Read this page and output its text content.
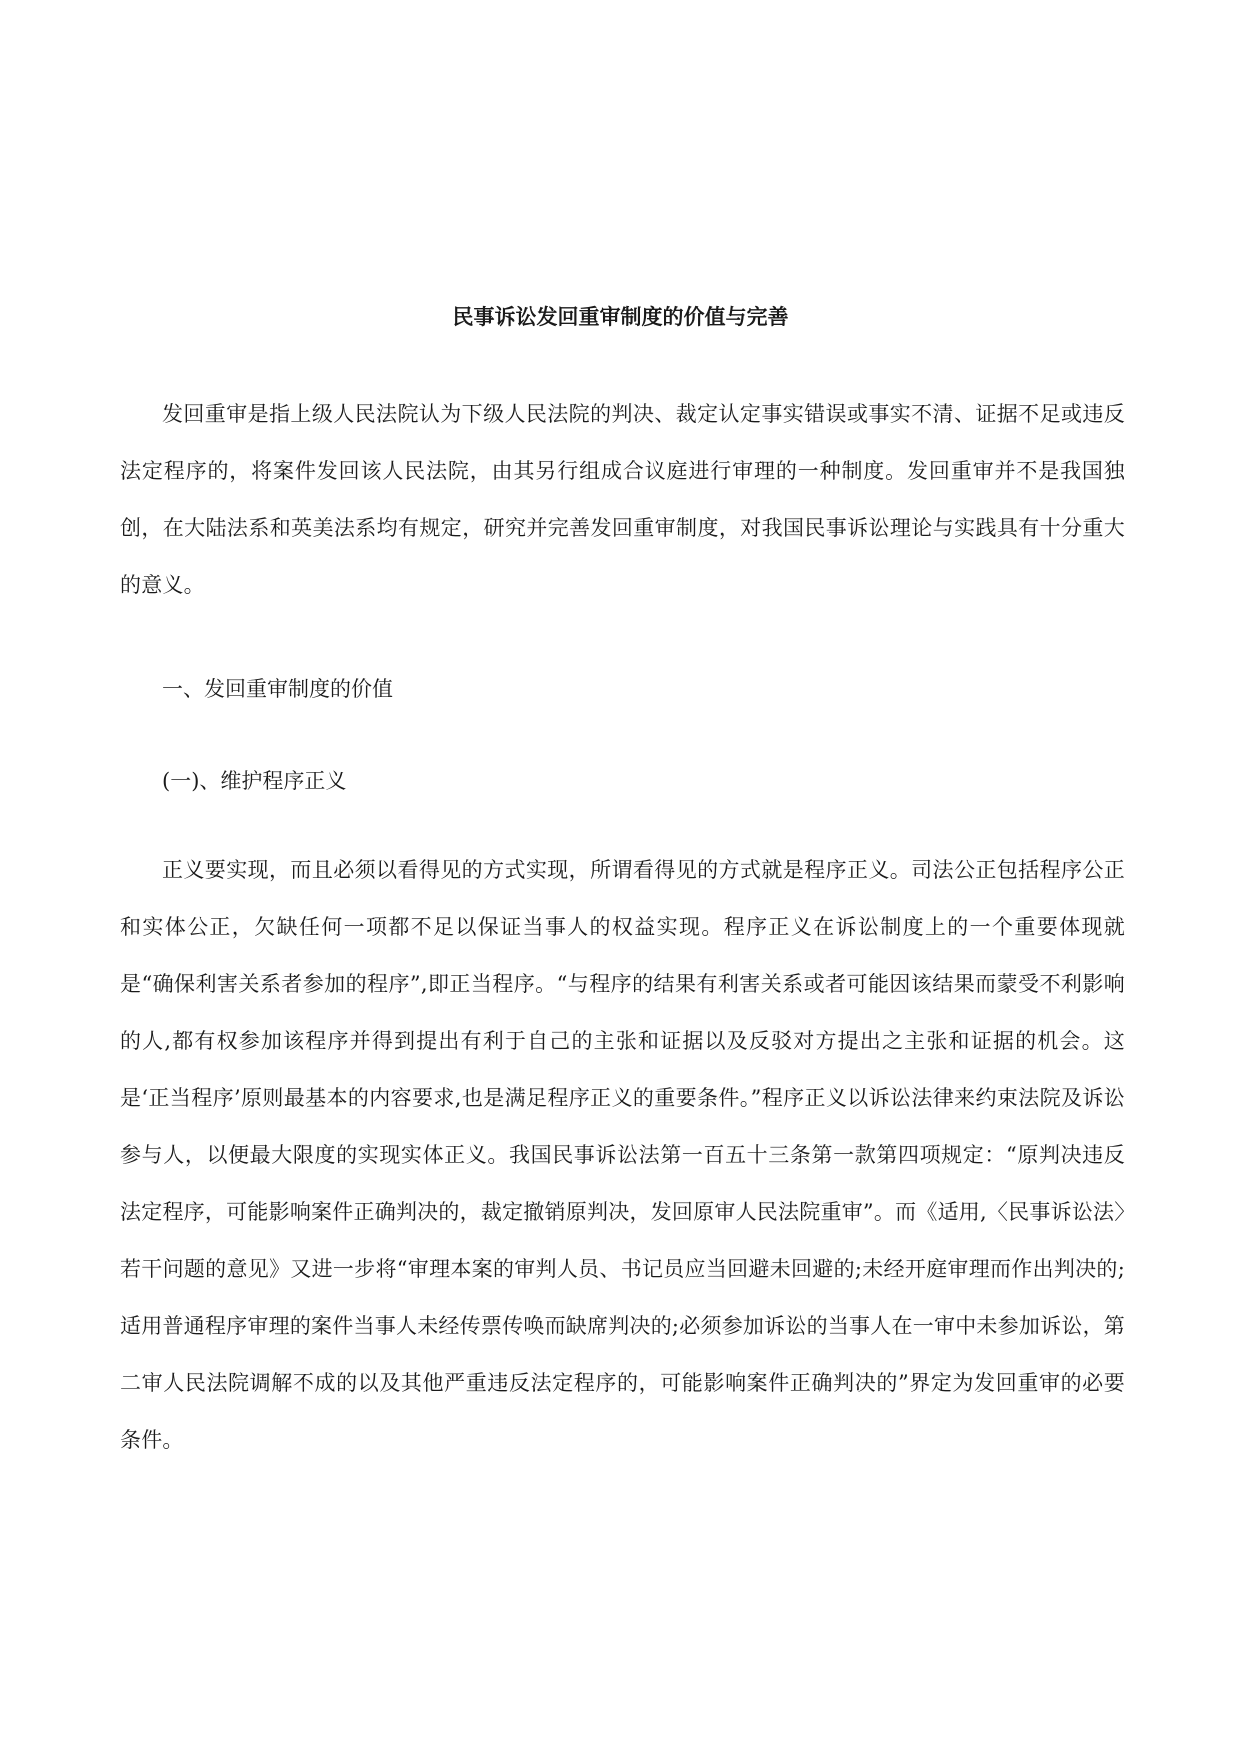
民事诉讼发回重审制度的价值与完善

发回重审是指上级人民法院认为下级人民法院的判决、裁定认定事实错误或事实不清、证据不足或违反法定程序的，将案件发回该人民法院，由其另行组成合议庭进行审理的一种制度。发回重审并不是我国独创，在大陆法系和英美法系均有规定，研究并完善发回重审制度，对我国民事诉讼理论与实践具有十分重大的意义。

一、发回重审制度的价值

(一)、维护程序正义

正义要实现，而且必须以看得见的方式实现，所谓看得见的方式就是程序正义。司法公正包括程序公正和实体公正，欠缺任何一项都不足以保证当事人的权益实现。程序正义在诉讼制度上的一个重要体现就是“确保利害关系者参加的程序”,即正当程序。“与程序的结果有利害关系或者可能因该结果而蒙受不利影响的人,都有权参加该程序并得到提出有利于自己的主张和证据以及反驳对方提出之主张和证据的机会。这是‘正当程序’原则最基本的内容要求,也是满足程序正义的重要条件。”程序正义以诉讼法律来约束法院及诉讼参与人，以便最大限度的实现实体正义。我国民事诉讼法第一百五十三条第一款第四项规定：“原判决违反法定程序，可能影响案件正确判决的，裁定撤销原判决，发回原审人民法院重审”。而《适用,〈民事诉讼法〉若干问题的意见》又进一步将“审理本案的审判人员、书记员应当回避未回避的;未经开庭审理而作出判决的;适用普通程序审理的案件当事人未经传票传唤而缺席判决的;必须参加诉讼的当事人在一审中未参加诉讼，第二审人民法院调解不成的以及其他严重违反法定程序的，可能影响案件正确判决的”界定为发回重审的必要条件。
